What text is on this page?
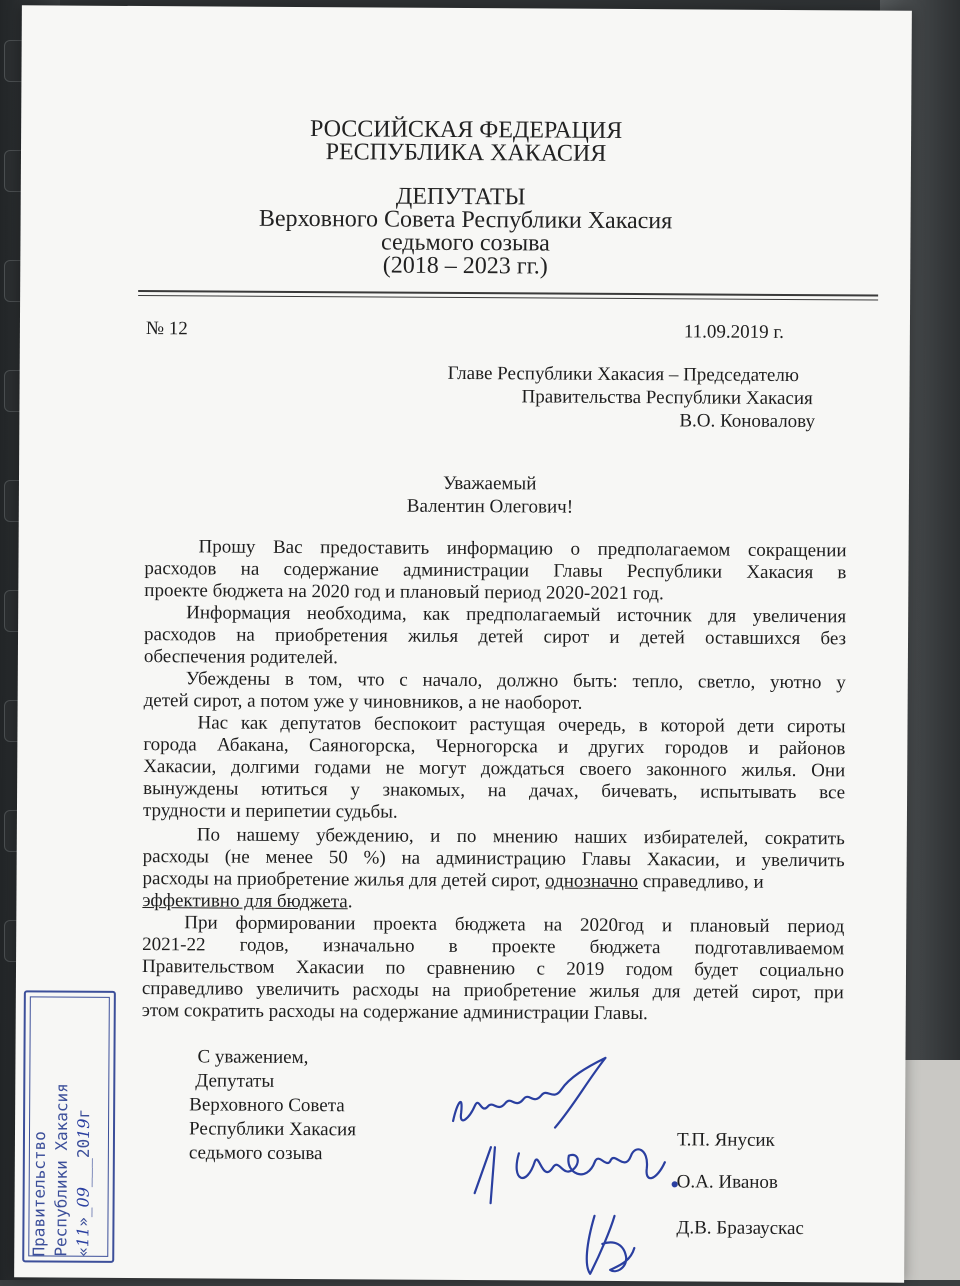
РОССИЙСКАЯ ФЕДЕРАЦИЯ
РЕСПУБЛИКА ХАКАСИЯ
ДЕПУТАТЫ
Верховного Совета Республики Хакасия
седьмого созыва
(2018 – 2023 гг.)
№ 12	11.09.2019 г.
Главе Республики Хакасия – Председателю
Правительства Республики Хакасия
В.О. Коновалову
Уважаемый
Валентин Олегович!
Прошу Вас предоставить информацию о предполагаемом сокращении
расходов на содержание администрации Главы Республики Хакасия в
проекте бюджета на 2020 год и плановый период 2020-2021 год.
Информация необходима, как предполагаемый источник для увеличения
расходов на приобретения жилья детей сирот и детей оставшихся без
обеспечения родителей.
Убеждены в том, что с начало, должно быть: тепло, светло, уютно у
детей сирот, а потом уже у чиновников, а не наоборот.
Нас как депутатов беспокоит растущая очередь, в которой дети сироты
города Абакана, Саяногорска, Черногорска и других городов и районов
Хакасии, долгими годами не могут дождаться своего законного жилья. Они
вынуждены ютиться у знакомых, на дачах, бичевать, испытывать все
трудности и перипетии судьбы.
По нашему убеждению, и по мнению наших избирателей, сократить
расходы (не менее 50 %) на администрацию Главы Хакасии, и увеличить
расходы на приобретение жилья для детей сирот, однозначно справедливо, и
эффективно для бюджета.
При формировании проекта бюджета на 2020год и плановый период
2021-22 годов, изначально в проекте бюджета подготавливаемом
Правительством Хакасии по сравнению с 2019 годом будет социально
справедливо увеличить расходы на приобретение жилья для детей сирот, при
этом сократить расходы на содержание администрации Главы.
С уважением,
Депутаты
Верховного Совета
Республики Хакасия
седьмого созыва
Т.П. Янусик
О.А. Иванов
Д.В. Бразаускас
Правительство Республики Хакасия «11»_09___2019г
